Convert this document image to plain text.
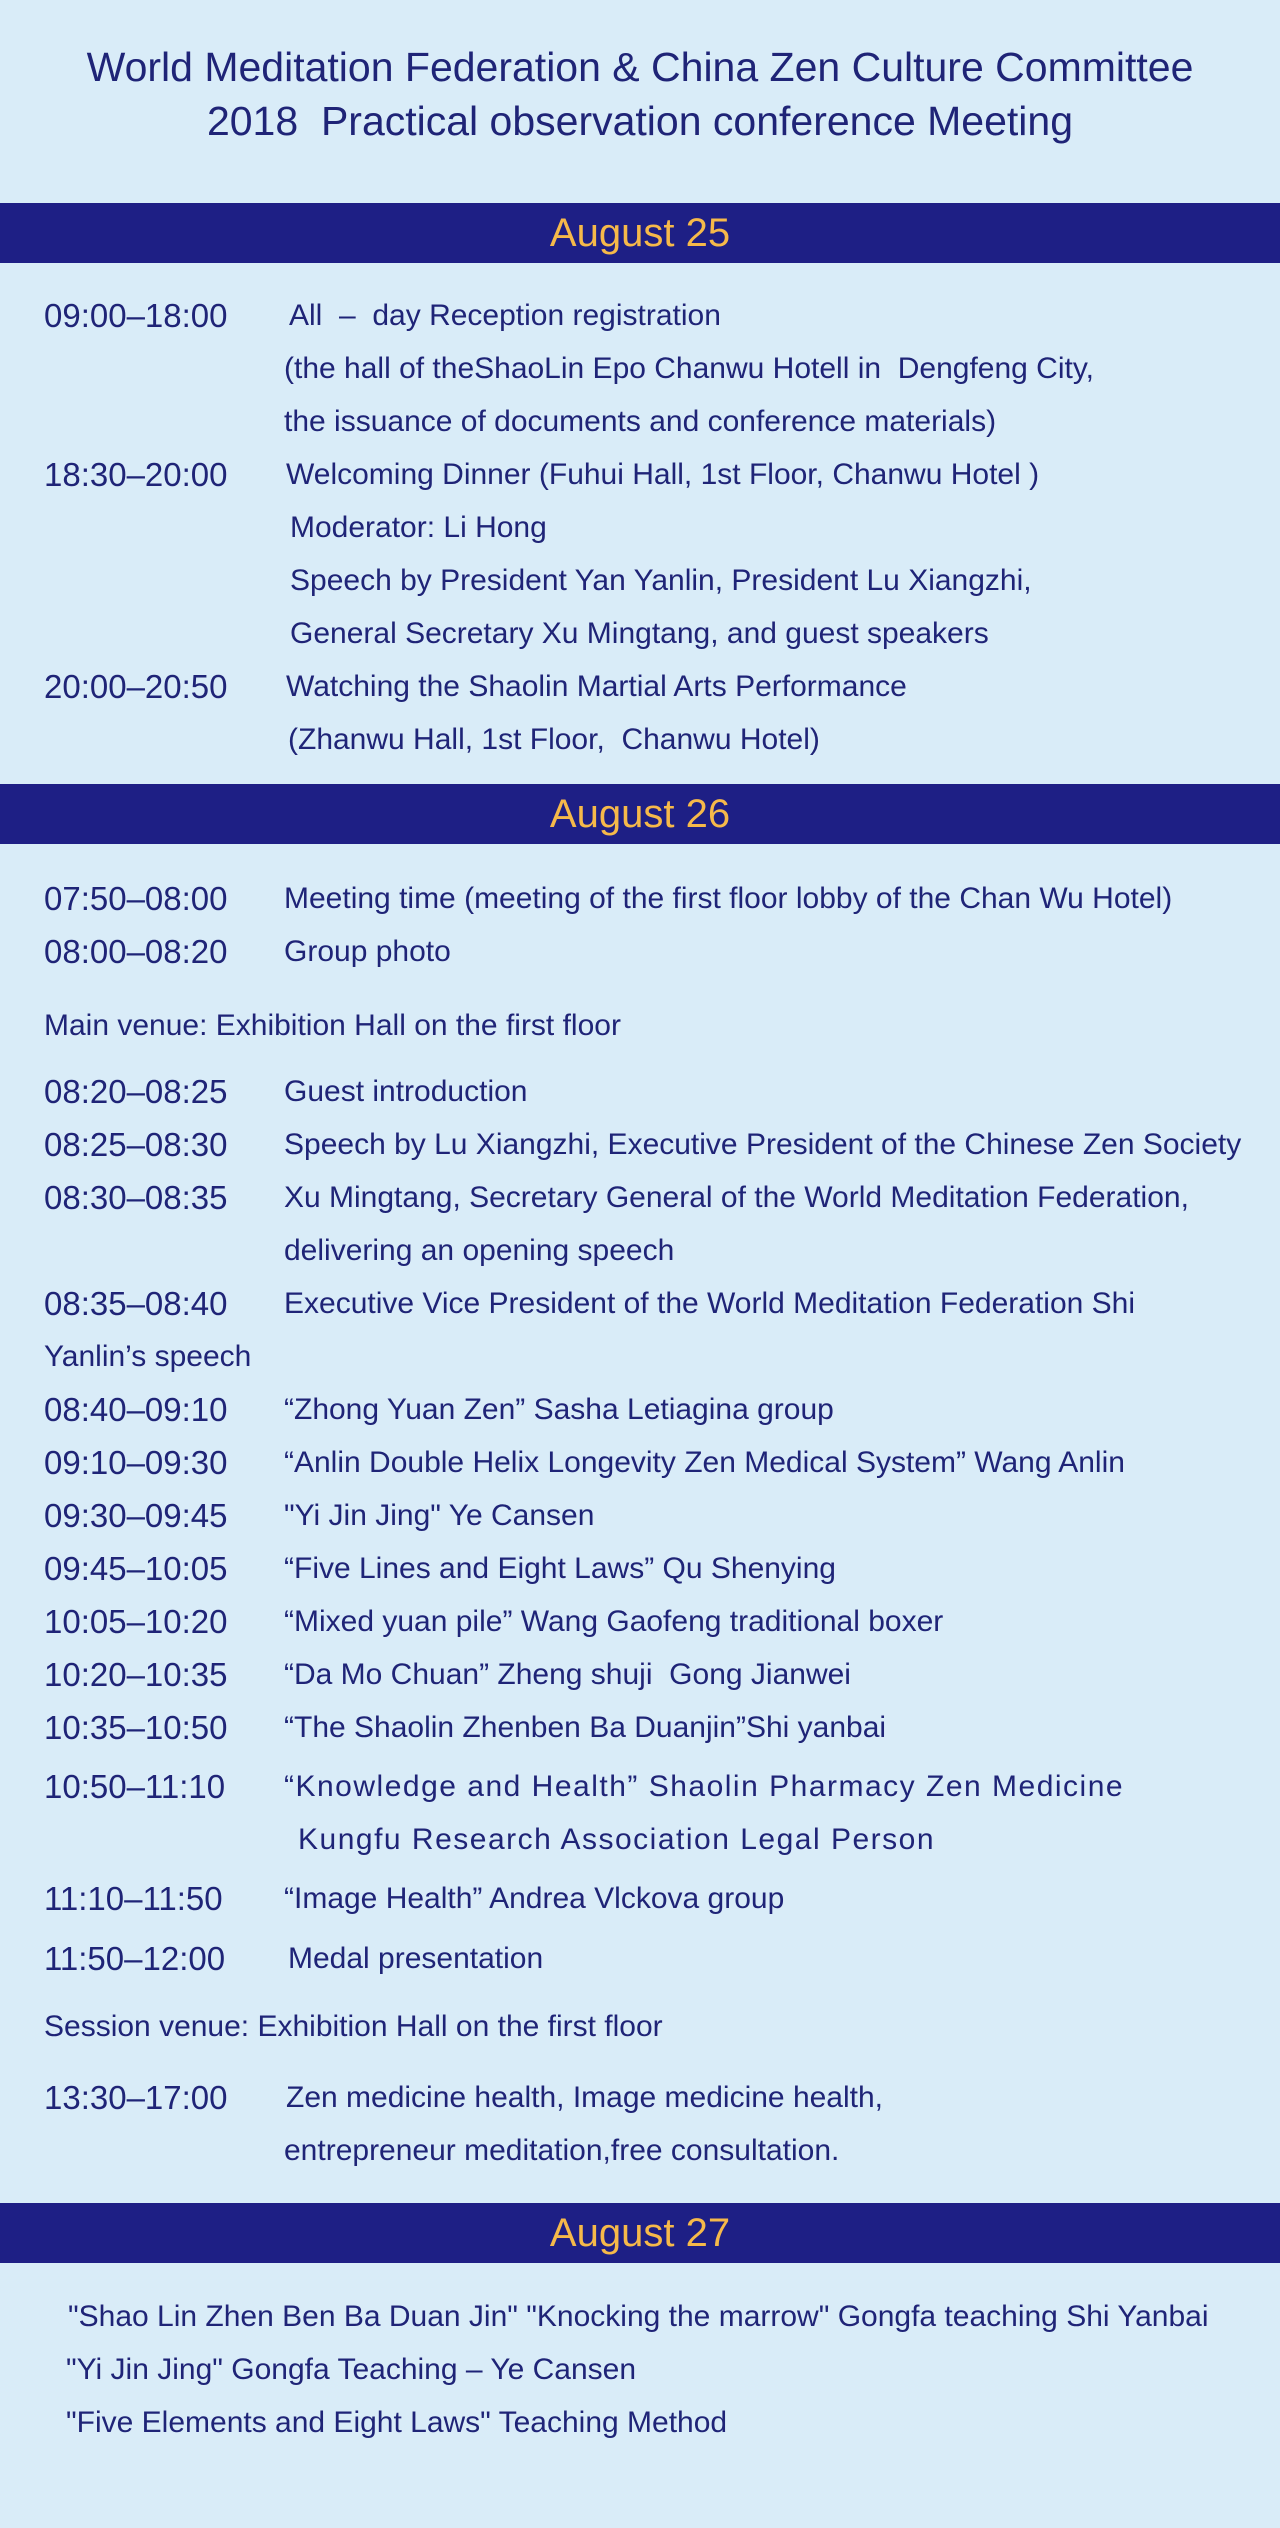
World Meditation Federation & China Zen Culture Committee
2018  Practical observation conference Meeting
August 25
09:00–18:00 All  –  day Reception registration
(the hall of theShaoLin Epo Chanwu Hotell in  Dengfeng City,
the issuance of documents and conference materials)
18:30–20:00 Welcoming Dinner (Fuhui Hall, 1st Floor, Chanwu Hotel )
Moderator: Li Hong
Speech by President Yan Yanlin, President Lu Xiangzhi,
General Secretary Xu Mingtang, and guest speakers
20:00–20:50 Watching the Shaolin Martial Arts Performance
(Zhanwu Hall, 1st Floor,  Chanwu Hotel)
August 26
07:50–08:00 Meeting time (meeting of the first floor lobby of the Chan Wu Hotel)
08:00–08:20 Group photo
Main venue: Exhibition Hall on the first floor
08:20–08:25 Guest introduction
08:25–08:30 Speech by Lu Xiangzhi, Executive President of the Chinese Zen Society
08:30–08:35 Xu Mingtang, Secretary General of the World Meditation Federation,
delivering an opening speech
08:35–08:40 Executive Vice President of the World Meditation Federation Shi
Yanlin’s speech
08:40–09:10 “Zhong Yuan Zen” Sasha Letiagina group
09:10–09:30 “Anlin Double Helix Longevity Zen Medical System” Wang Anlin
09:30–09:45 "Yi Jin Jing" Ye Cansen
09:45–10:05 “Five Lines and Eight Laws” Qu Shenying
10:05–10:20 “Mixed yuan pile” Wang Gaofeng traditional boxer
10:20–10:35 “Da Mo Chuan” Zheng shuji  Gong Jianwei
10:35–10:50 “The Shaolin Zhenben Ba Duanjin”Shi yanbai
10:50–11:10 “Knowledge and Health” Shaolin Pharmacy Zen Medicine
Kungfu Research Association Legal Person
11:10–11:50 “Image Health” Andrea Vlckova group
11:50–12:00 Medal presentation
Session venue: Exhibition Hall on the first floor
13:30–17:00 Zen medicine health, Image medicine health,
entrepreneur meditation,free consultation.
August 27
"Shao Lin Zhen Ben Ba Duan Jin" "Knocking the marrow" Gongfa teaching Shi Yanbai
"Yi Jin Jing" Gongfa Teaching – Ye Cansen
"Five Elements and Eight Laws" Teaching Method
